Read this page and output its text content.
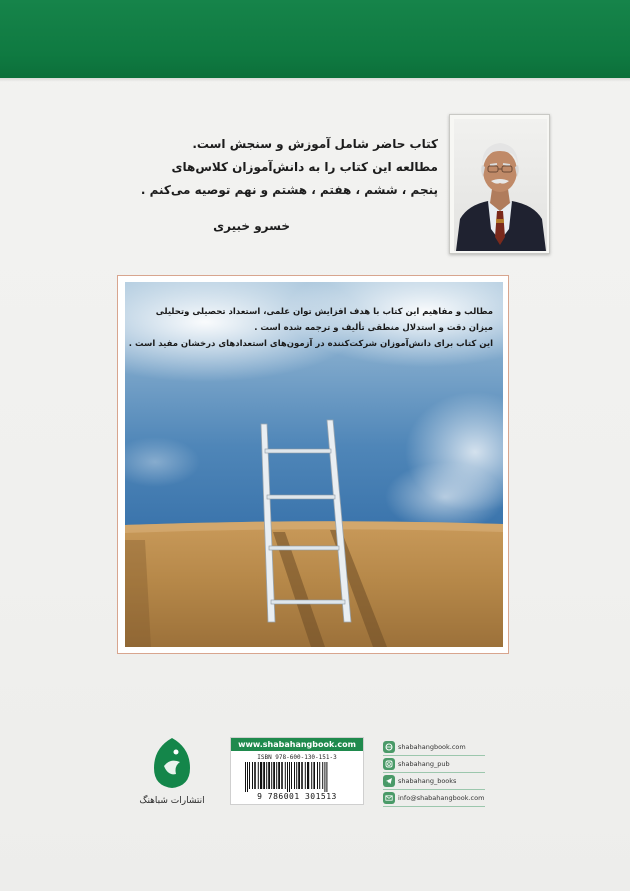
کتاب حاضر شامل آموزش و سنجش است.
مطالعه این کتاب را به دانش‌آموزان کلاس‌های
پنجم ، ششم ، هفتم ، هشتم و نهم توصیه می‌کنم .
خسرو خبیری
مطالب و مفاهیم این کتاب با هدف افزایش توان علمی، استعداد تحصیلی وتحلیلی
میزان دقت و استدلال منطقی تألیف و ترجمه شده است .
این کتاب برای دانش‌آموزان شرکت‌کننده در آزمون‌های استعدادهای درخشان مفید است .
انتشارات شباهنگ
www.shabahangbook.com
ISBN 978-600-130-151-3
9 786001 301513
shabahangbook.com
shabahang_pub
shabahang_books
info@shabahangbook.com
